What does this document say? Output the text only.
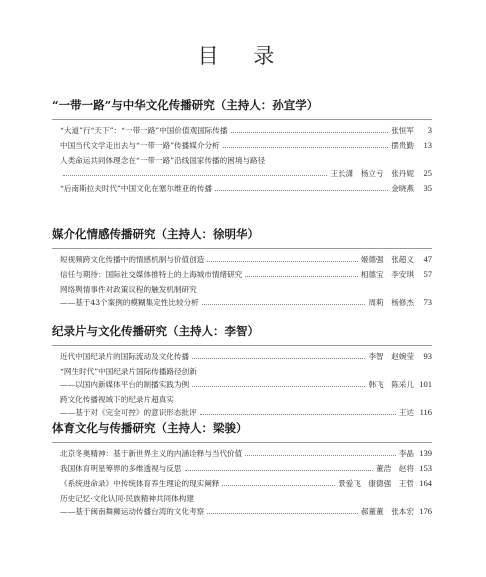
目 录
“一带一路”与中华文化传播研究（主持人：孙宜学）
“大道”行“天下”：“一带一路”中国价值观国际传播	张恒军	3
中国当代文学走出去与“一带一路”传播媒介分析	摆贵勤	13
人类命运共同体理念在“一带一路”沿线国家传播的困境与路径
王长潇　杨立亏　张丹妮	25
“后南斯拉夫时代”中国文化在塞尔维亚的传播	金晓燕	35
媒介化情感传播研究（主持人：徐明华）
短视频跨文化传播中的情感机制与价值创造	姬德强　张超义	47
信任与期待：国际社交媒体推特上的上海城市情绪研究	相德宝　李安琪	57
网络舆情事件对政策议程的触发机制研究
——基于43个案例的模糊集定性比较分析	周莉　杨修杰	73
纪录片与文化传播研究（主持人：李智）
近代中国纪录片的国际流动及文化传播	李智　赵婉莹	93
“网生时代”中国纪录片国际传播路径创新
——以国内新媒体平台的制播实践为例	韩飞　陈采儿 101
跨文化传播视域下的纪录片超真实
——基于对《完全可控》的意识形态批评	王达 116
体育文化与传播研究（主持人：梁骏）
北京冬奥精神：基于新世界主义的内涵诠释与当代价值	李晶 139
我国体育明星筹界的多维透视与反思	董浩　赵将 153
《系统进命录》中传统体育养生理论的现实阐释	景爱飞　康德强　王哲 164
历史记忆·文化认同·民族精神共同体构建
——基于闽南舞狮运动传播台湾的文化考察	郝董董　张本宏 176
